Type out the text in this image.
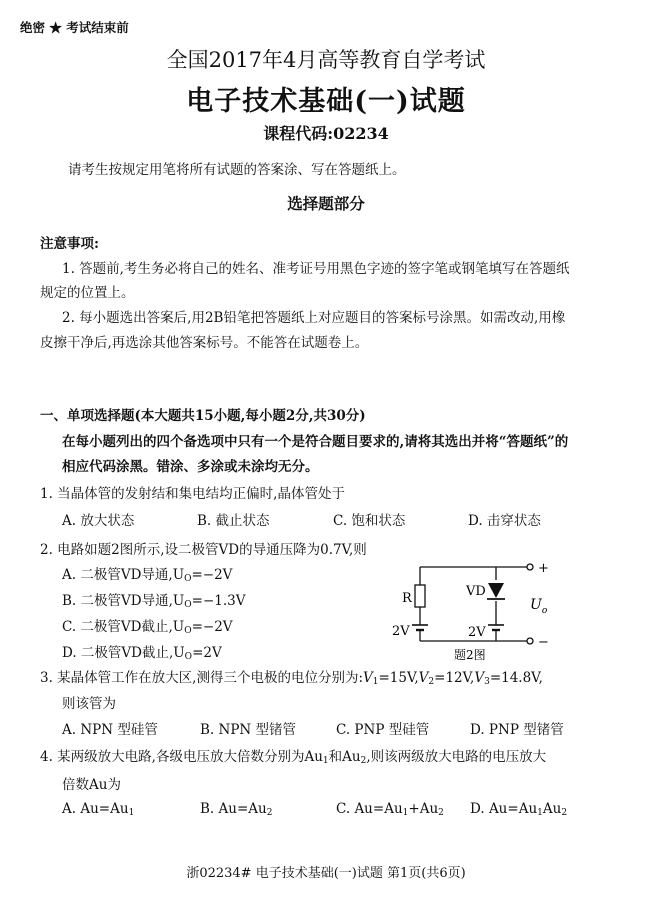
绝密 ★ 考试结束前
全国2017年4月高等教育自学考试
电子技术基础(一)试题
课程代码:02234
请考生按规定用笔将所有试题的答案涂、写在答题纸上。
选择题部分
注意事项:
1. 答题前,考生务必将自己的姓名、准考证号用黑色字迹的签字笔或钢笔填写在答题纸
规定的位置上。
2. 每小题选出答案后,用2B铅笔把答题纸上对应题目的答案标号涂黑。如需改动,用橡
皮擦干净后,再选涂其他答案标号。不能答在试题卷上。
一、单项选择题(本大题共15小题,每小题2分,共30分)
在每小题列出的四个备选项中只有一个是符合题目要求的,请将其选出并将“答题纸”的
相应代码涂黑。错涂、多涂或未涂均无分。
1. 当晶体管的发射结和集电结均正偏时,晶体管处于
A. 放大状态	B. 截止状态	C. 饱和状态	D. 击穿状态
2. 电路如题2图所示,设二极管VD的导通压降为0.7V,则
A. 二极管VD导通$,U_O=-2V$
B. 二极管VD导通$,U_O=-1.3V$
C. 二极管VD截止$,U_O=-2V$
D. 二极管VD截止$,U_O=2V$
R	VD
2V	2V
+
−
$U_o$
题2图
3. 某晶体管工作在放大区,测得三个电极的电位分别为$:V_1=15V,V_2=12V,V_3=14.8V$,
则该管为
A. NPN 型硅管	B. NPN 型锗管	C. PNP 型硅管	D. PNP 型锗管
4. 某两级放大电路,各级电压放大倍数分别为$Au_1$和$Au_2$,则该两级放大电路的电压放大
倍数Au为
A. $Au=Au_1$	B. $Au=Au_2$	C. $Au=Au_1+Au_2$ D. $Au=Au_1Au_2$
浙02234# 电子技术基础(一)试题 第1页(共6页)
